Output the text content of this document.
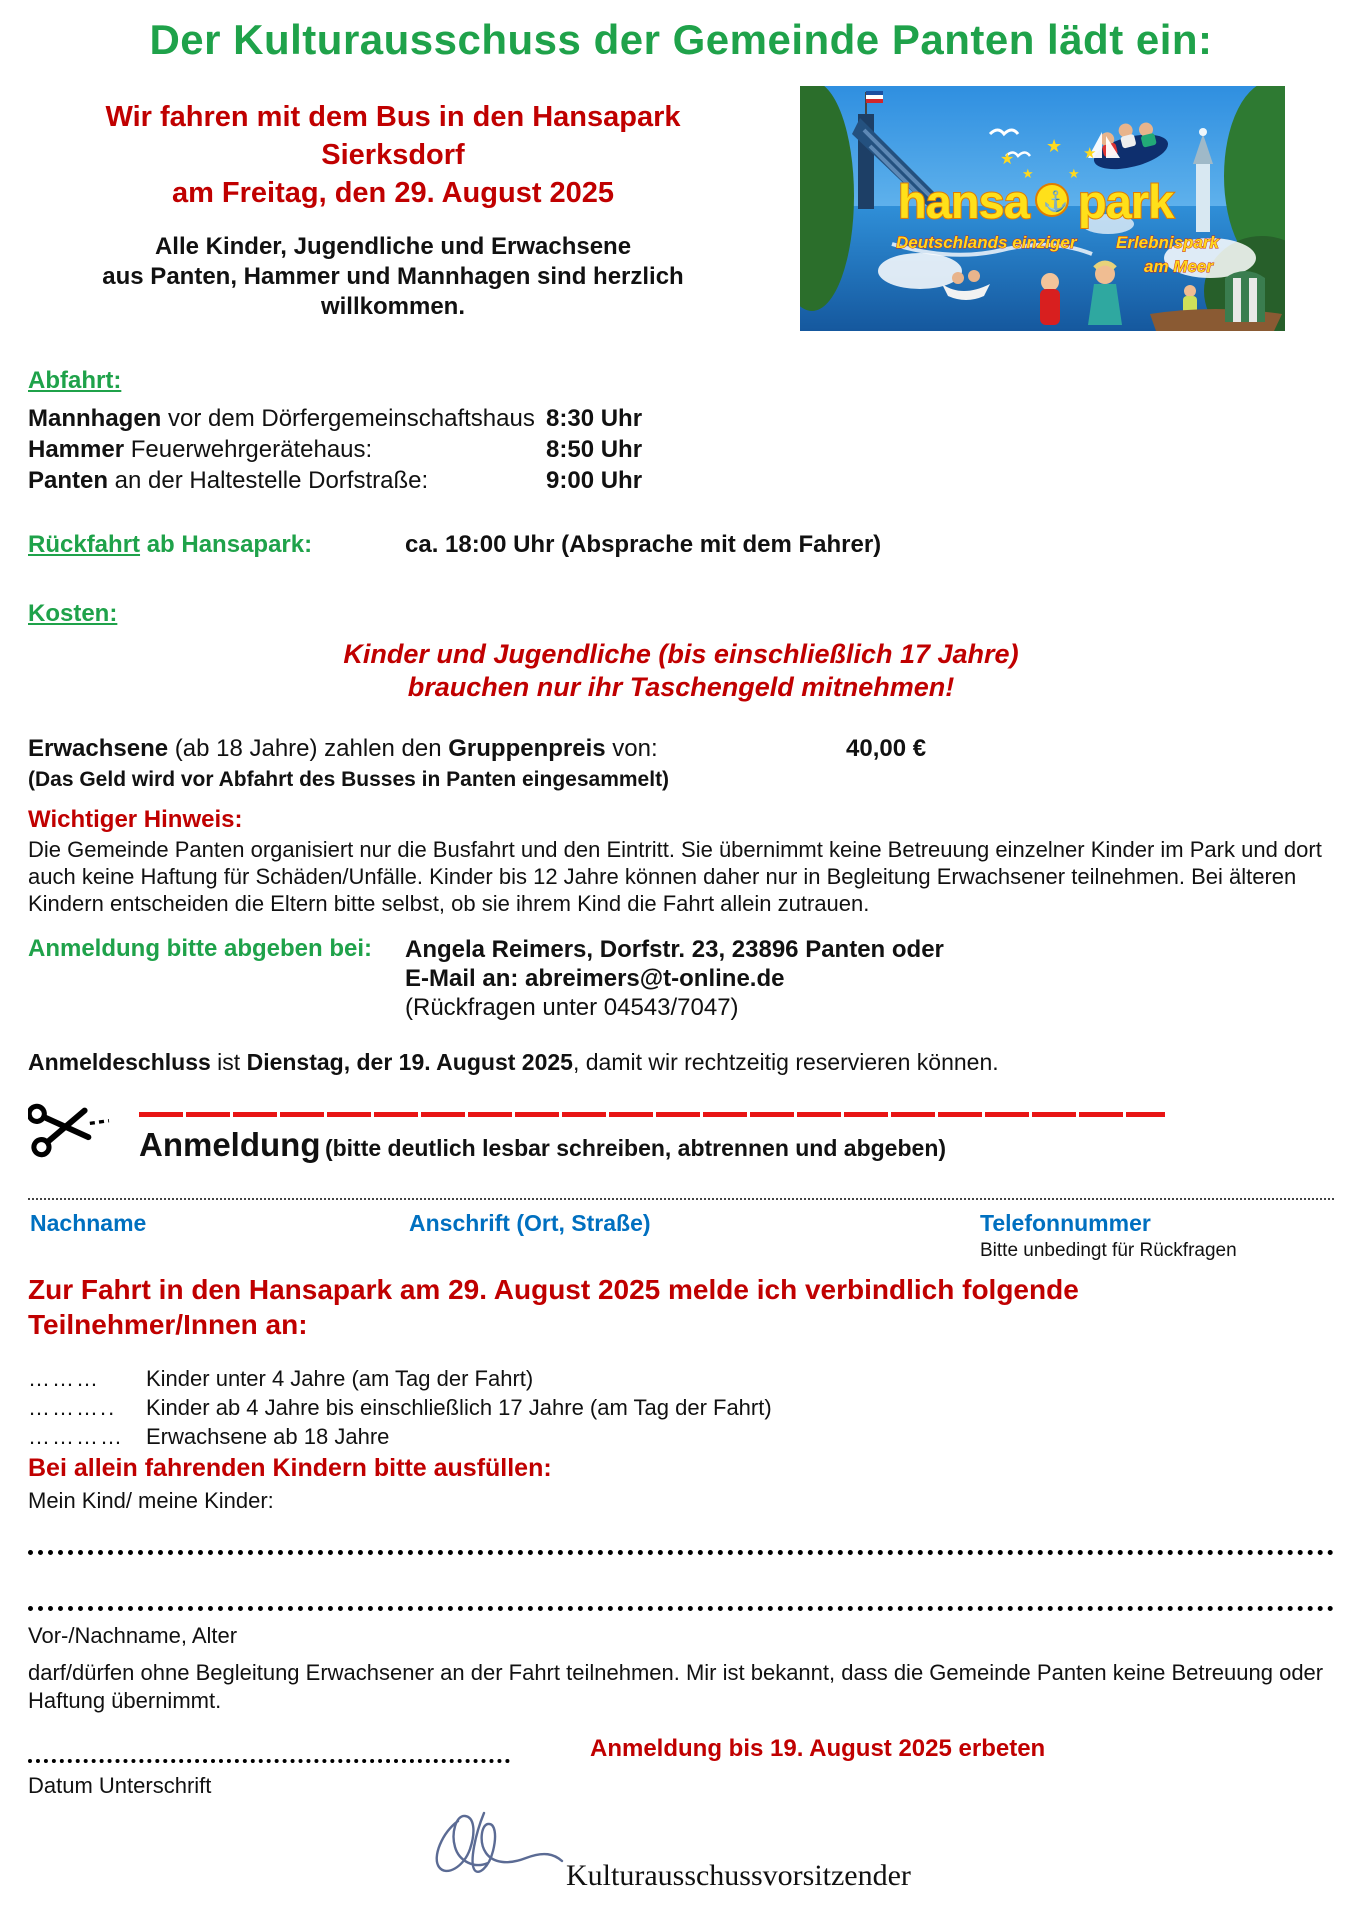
Der Kulturausschuss der Gemeinde Panten lädt ein:
Wir fahren mit dem Bus in den Hansapark
Sierksdorf
am Freitag, den 29. August 2025
Alle Kinder, Jugendliche und Erwachsene
aus Panten, Hammer und Mannhagen sind herzlich
willkommen.
★
★
★
★
★
hansa ⚓ park
Deutschlands einziger Erlebnispark
am Meer
Abfahrt:
Mannhagen vor dem Dörfergemeinschaftshaus 8:30 Uhr
Hammer Feuerwehrgerätehaus:	8:50 Uhr
Panten an der Haltestelle Dorfstraße:	9:00 Uhr
Rückfahrt ab Hansapark:	ca. 18:00 Uhr (Absprache mit dem Fahrer)
Kosten:
Kinder und Jugendliche (bis einschließlich 17 Jahre)
brauchen nur ihr Taschengeld mitnehmen!
Erwachsene (ab 18 Jahre) zahlen den Gruppenpreis von:	40,00 €
(Das Geld wird vor Abfahrt des Busses in Panten eingesammelt)
Wichtiger Hinweis:
Die Gemeinde Panten organisiert nur die Busfahrt und den Eintritt. Sie übernimmt keine Betreuung einzelner Kinder im Park und dort auch keine Haftung für Schäden/Unfälle. Kinder bis 12 Jahre können daher nur in Begleitung Erwachsener teilnehmen. Bei älteren Kindern entscheiden die Eltern bitte selbst, ob sie ihrem Kind die Fahrt allein zutrauen.
Anmeldung bitte abgeben bei: Angela Reimers, Dorfstr. 23, 23896 Panten oder
E-Mail an: abreimers@t-online.de
(Rückfragen unter 04543/7047)
Anmeldeschluss ist Dienstag, der 19. August 2025, damit wir rechtzeitig reservieren können.
Anmeldung (bitte deutlich lesbar schreiben, abtrennen und abgeben)
Nachname	Anschrift (Ort, Straße)	Telefonnummer
Bitte unbedingt für Rückfragen
Zur Fahrt in den Hansapark am 29. August 2025 melde ich verbindlich folgende
Teilnehmer/Innen an:
……… Kinder unter 4 Jahre (am Tag der Fahrt)
……….. Kinder ab 4 Jahre bis einschließlich 17 Jahre (am Tag der Fahrt)
………… Erwachsene ab 18 Jahre
Bei allein fahrenden Kindern bitte ausfüllen:
Mein Kind/ meine Kinder:
Vor-/Nachname, Alter
darf/dürfen ohne Begleitung Erwachsener an der Fahrt teilnehmen. Mir ist bekannt, dass die Gemeinde Panten keine Betreuung oder Haftung übernimmt.
Anmeldung bis 19. August 2025 erbeten
Datum Unterschrift
Kulturausschussvorsitzender
